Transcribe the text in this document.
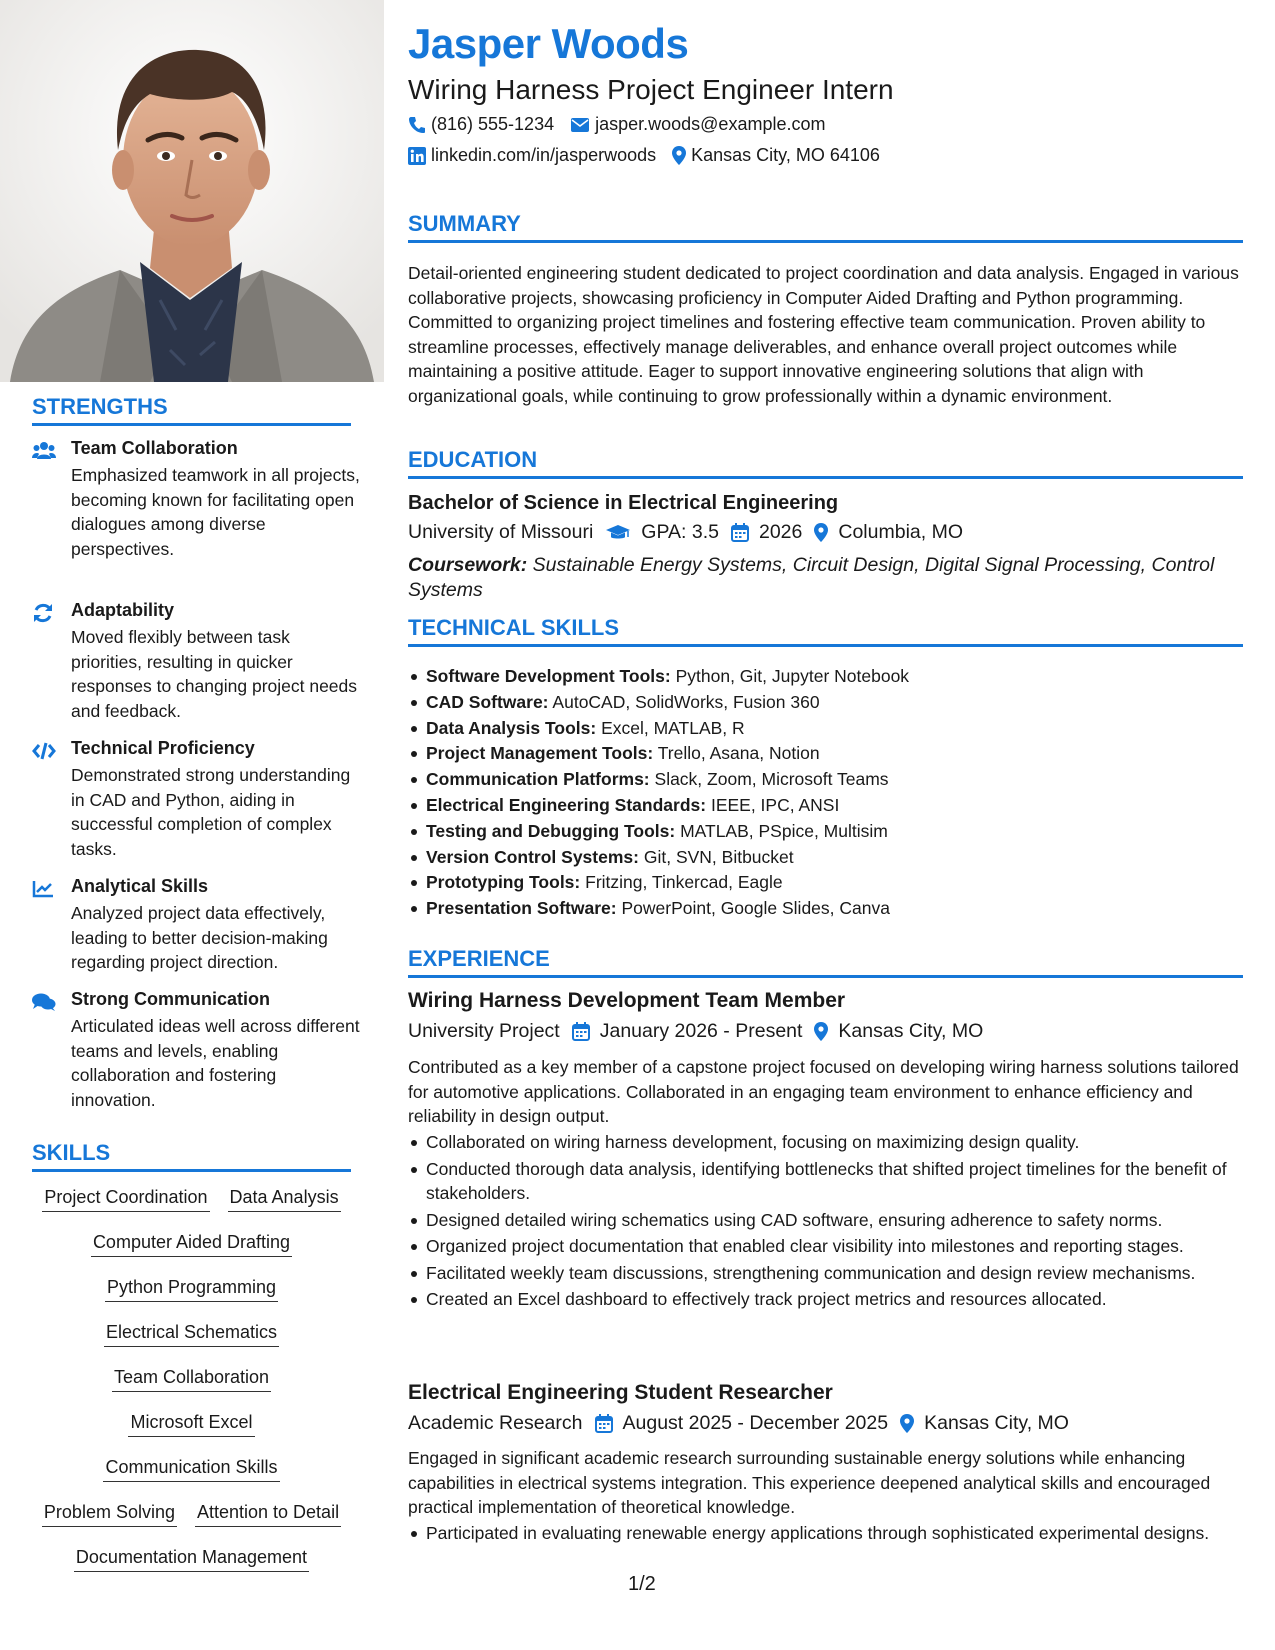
STRENGTHS
Team Collaboration
Emphasized teamwork in all projects, becoming known for facilitating open dialogues among diverse perspectives.
Adaptability
Moved flexibly between task priorities, resulting in quicker responses to changing project needs and feedback.
Technical Proficiency
Demonstrated strong understanding in CAD and Python, aiding in successful completion of complex tasks.
Analytical Skills
Analyzed project data effectively, leading to better decision-making regarding project direction.
Strong Communication
Articulated ideas well across different teams and levels, enabling collaboration and fostering innovation.
SKILLS
Project Coordination Data Analysis
Computer Aided Drafting
Python Programming
Electrical Schematics
Team Collaboration
Microsoft Excel
Communication Skills
Problem Solving Attention to Detail
Documentation Management
Jasper Woods
Wiring Harness Project Engineer Intern
(816) 555-1234 jasper.woods@example.com
linkedin.com/in/jasperwoods Kansas City, MO 64106
SUMMARY
Detail-oriented engineering student dedicated to project coordination and data analysis. Engaged in various collaborative projects, showcasing proficiency in Computer Aided Drafting and Python programming. Committed to organizing project timelines and fostering effective team communication. Proven ability to streamline processes, effectively manage deliverables, and enhance overall project outcomes while maintaining a positive attitude. Eager to support innovative engineering solutions that align with organizational goals, while continuing to grow professionally within a dynamic environment.
EDUCATION
Bachelor of Science in Electrical Engineering
University of Missouri GPA: 3.5 2026 Columbia, MO
Coursework: Sustainable Energy Systems, Circuit Design, Digital Signal Processing, Control Systems
TECHNICAL SKILLS
Software Development Tools: Python, Git, Jupyter Notebook
CAD Software: AutoCAD, SolidWorks, Fusion 360
Data Analysis Tools: Excel, MATLAB, R
Project Management Tools: Trello, Asana, Notion
Communication Platforms: Slack, Zoom, Microsoft Teams
Electrical Engineering Standards: IEEE, IPC, ANSI
Testing and Debugging Tools: MATLAB, PSpice, Multisim
Version Control Systems: Git, SVN, Bitbucket
Prototyping Tools: Fritzing, Tinkercad, Eagle
Presentation Software: PowerPoint, Google Slides, Canva
EXPERIENCE
Wiring Harness Development Team Member
University Project January 2026 - Present Kansas City, MO
Contributed as a key member of a capstone project focused on developing wiring harness solutions tailored for automotive applications. Collaborated in an engaging team environment to enhance efficiency and reliability in design output.
Collaborated on wiring harness development, focusing on maximizing design quality.
Conducted thorough data analysis, identifying bottlenecks that shifted project timelines for the benefit of stakeholders.
Designed detailed wiring schematics using CAD software, ensuring adherence to safety norms.
Organized project documentation that enabled clear visibility into milestones and reporting stages.
Facilitated weekly team discussions, strengthening communication and design review mechanisms.
Created an Excel dashboard to effectively track project metrics and resources allocated.
Electrical Engineering Student Researcher
Academic Research August 2025 - December 2025 Kansas City, MO
Engaged in significant academic research surrounding sustainable energy solutions while enhancing capabilities in electrical systems integration. This experience deepened analytical skills and encouraged practical implementation of theoretical knowledge.
Participated in evaluating renewable energy applications through sophisticated experimental designs.
1/2
